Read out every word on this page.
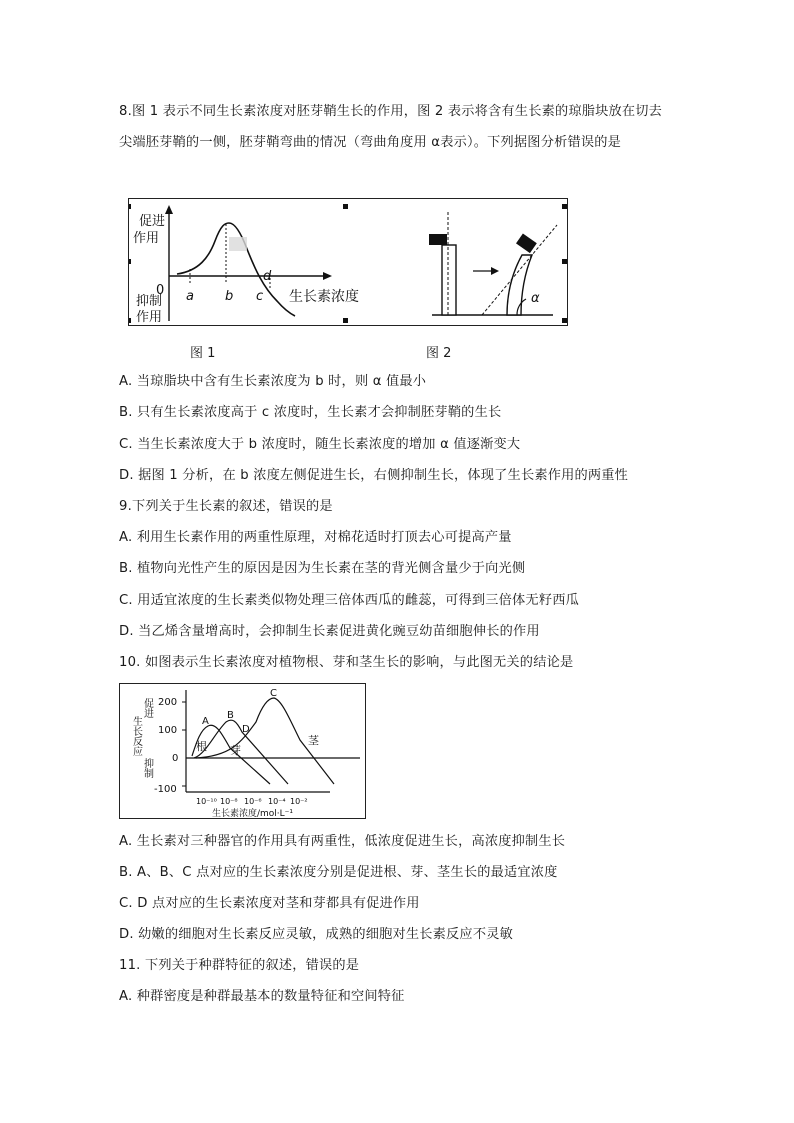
8.图 1 表示不同生长素浓度对胚芽鞘生长的作用，图 2 表示将含有生长素的琼脂块放在切去
尖端胚芽鞘的一侧，胚芽鞘弯曲的情况（弯曲角度用 α表示）。下列据图分析错误的是
促进
作用
0
抑制
作用
生长素浓度
a b c
d
α
图 1	图 2
A. 当琼脂块中含有生长素浓度为 b 时，则 α 值最小
B. 只有生长素浓度高于 c 浓度时，生长素才会抑制胚芽鞘的生长
C. 当生长素浓度大于 b 浓度时，随生长素浓度的增加 α 值逐渐变大
D. 据图 1 分析，在 b 浓度左侧促进生长，右侧抑制生长，体现了生长素作用的两重性
9.下列关于生长素的叙述，错误的是
A. 利用生长素作用的两重性原理，对棉花适时打顶去心可提高产量
B. 植物向光性产生的原因是因为生长素在茎的背光侧含量少于向光侧
C. 用适宜浓度的生长素类似物处理三倍体西瓜的雌蕊，可得到三倍体无籽西瓜
D. 当乙烯含量增高时，会抑制生长素促进黄化豌豆幼苗细胞伸长的作用
10. 如图表示生长素浓度对植物根、芽和茎生长的影响，与此图无关的结论是
200
100
0
-100
促进
生长反应
抑制
A
B
C
D
根 芽
茎
10⁻¹⁰ 10⁻⁸ 10⁻⁶ 10⁻⁴ 10⁻²
生长素浓度/mol·L⁻¹
A. 生长素对三种器官的作用具有两重性，低浓度促进生长，高浓度抑制生长
B. A、B、C 点对应的生长素浓度分别是促进根、芽、茎生长的最适宜浓度
C. D 点对应的生长素浓度对茎和芽都具有促进作用
D. 幼嫩的细胞对生长素反应灵敏，成熟的细胞对生长素反应不灵敏
11. 下列关于种群特征的叙述，错误的是
A. 种群密度是种群最基本的数量特征和空间特征
